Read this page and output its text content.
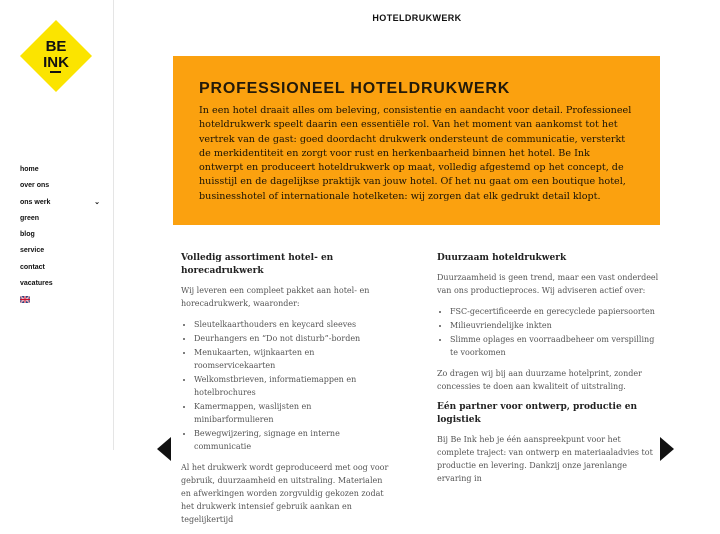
BE
INK
home
over ons
ons werk	⌄
green
blog
service
contact
vacatures
HOTELDRUKWERK
PROFESSIONEEL HOTELDRUKWERK

In een hotel draait alles om beleving, consistentie en aandacht voor detail. Professioneel hoteldrukwerk speelt daarin een essentiële rol. Van het moment van aankomst tot het vertrek van de gast: goed doordacht drukwerk ondersteunt de communicatie, versterkt de merkidentiteit en zorgt voor rust en herkenbaarheid binnen het hotel. Be Ink ontwerpt en produceert hoteldrukwerk op maat, volledig afgestemd op het concept, de huisstijl en de dagelijkse praktijk van jouw hotel. Of het nu gaat om een boutique hotel, businesshotel of internationale hotelketen: wij zorgen dat elk gedrukt detail klopt.

Volledig assortiment hotel- en horecadrukwerk

Wij leveren een compleet pakket aan hotel- en horecadrukwerk, waaronder:

• Sleutelkaarthouders en keycard sleeves
• Deurhangers en “Do not disturb”-borden
• Menukaarten, wijnkaarten en roomservicekaarten
• Welkomstbrieven, informatiemappen en hotelbrochures
• Kamermappen, waslijsten en minibarformulieren
• Bewegwijzering, signage en interne communicatie

Al het drukwerk wordt geproduceerd met oog voor gebruik, duurzaamheid en uitstraling. Materialen en afwerkingen worden zorgvuldig gekozen zodat het drukwerk intensief gebruik aankan en tegelijkertijd

Duurzaam hoteldrukwerk

Duurzaamheid is geen trend, maar een vast onderdeel van ons productieproces. Wij adviseren actief over:

• FSC-gecertificeerde en gerecyclede papiersoorten
• Milieuvriendelijke inkten
• Slimme oplages en voorraadbeheer om verspilling te voorkomen

Zo dragen wij bij aan duurzame hotelprint, zonder concessies te doen aan kwaliteit of uitstraling.

Eén partner voor ontwerp, productie en logistiek

Bij Be Ink heb je één aanspreekpunt voor het complete traject: van ontwerp en materiaaladvies tot productie en levering. Dankzij onze jarenlange ervaring in
